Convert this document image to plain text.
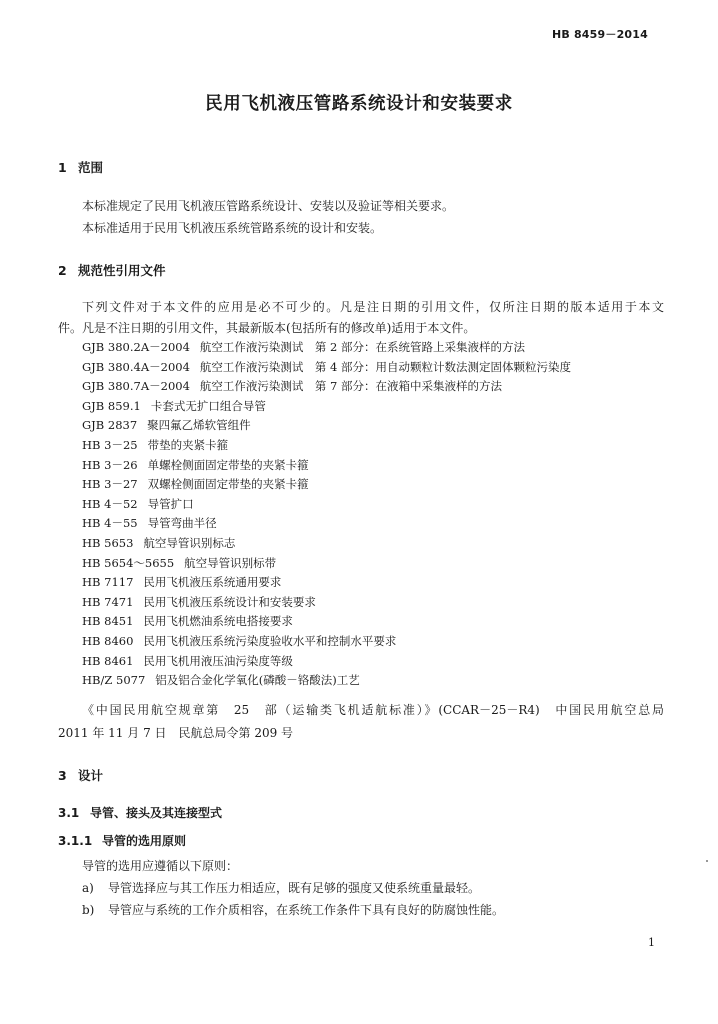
HB 8459－2014
民用飞机液压管路系统设计和安装要求
1 范围
本标准规定了民用飞机液压管路系统设计、安装以及验证等相关要求。
本标准适用于民用飞机液压系统管路系统的设计和安装。
2 规范性引用文件
下列文件对于本文件的应用是必不可少的。凡是注日期的引用文件，仅所注日期的版本适用于本文
件。凡是不注日期的引用文件，其最新版本(包括所有的修改单)适用于本文件。
GJB 380.2A－2004 航空工作液污染测试　第 2 部分：在系统管路上采集液样的方法
GJB 380.4A－2004 航空工作液污染测试　第 4 部分：用自动颗粒计数法测定固体颗粒污染度
GJB 380.7A－2004 航空工作液污染测试　第 7 部分：在液箱中采集液样的方法
GJB 859.1 卡套式无扩口组合导管
GJB 2837 聚四氟乙烯软管组件
HB 3－25 带垫的夹紧卡箍
HB 3－26 单螺栓侧面固定带垫的夹紧卡箍
HB 3－27 双螺栓侧面固定带垫的夹紧卡箍
HB 4－52 导管扩口
HB 4－55 导管弯曲半径
HB 5653 航空导管识别标志
HB 5654～5655 航空导管识别标带
HB 7117 民用飞机液压系统通用要求
HB 7471 民用飞机液压系统设计和安装要求
HB 8451 民用飞机燃油系统电搭接要求
HB 8460 民用飞机液压系统污染度验收水平和控制水平要求
HB 8461 民用飞机用液压油污染度等级
HB/Z 5077 铝及铝合金化学氧化(磷酸－铬酸法)工艺
《中国民用航空规章第　25　部（运输类飞机适航标准）》(CCAR－25－R4)　中国民用航空总局
2011 年 11 月 7 日　民航总局令第 209 号
3 设计
3.1 导管、接头及其连接型式
3.1.1 导管的选用原则
导管的选用应遵循以下原则：
a) 导管选择应与其工作压力相适应，既有足够的强度又使系统重量最轻。
b) 导管应与系统的工作介质相容，在系统工作条件下具有良好的防腐蚀性能。
1
